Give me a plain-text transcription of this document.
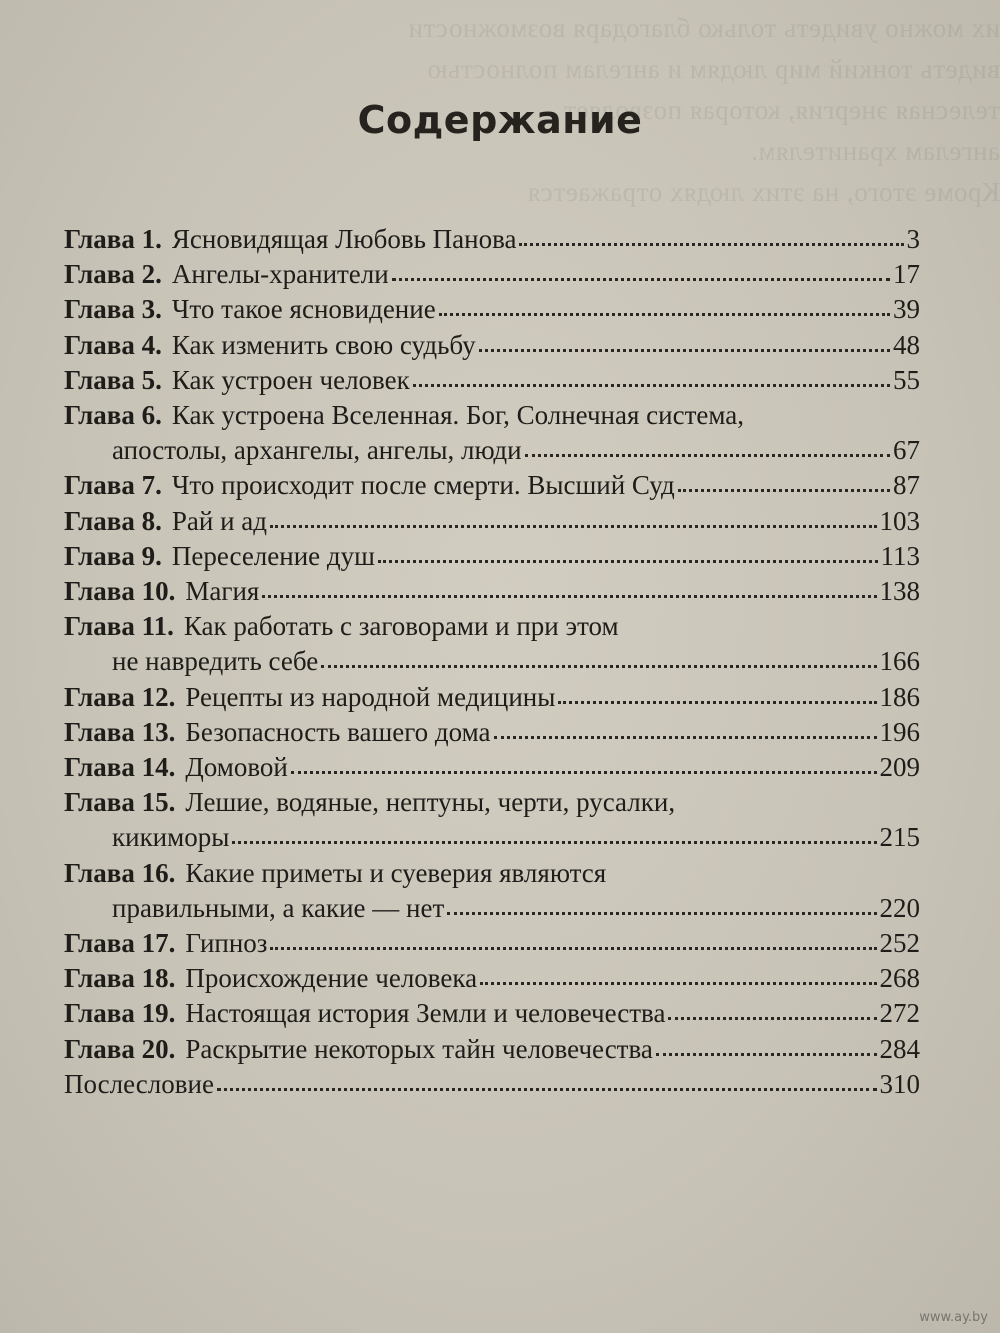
их можно увидеть только благодаря возможности
видеть тонкий мир людям и ангелам полностью
телесная энергия, которая позволяет
ангелам хранителям.
Кроме этого, на этих людях отражается
Содержание
Глава 1. Ясновидящая Любовь Панова	3
Глава 2. Ангелы-хранители	17
Глава 3. Что такое ясновидение	39
Глава 4. Как изменить свою судьбу	48
Глава 5. Как устроен человек	55
Глава 6. Как устроена Вселенная. Бог, Солнечная система,
апостолы, архангелы, ангелы, люди	67
Глава 7. Что происходит после смерти. Высший Суд	87
Глава 8. Рай и ад	103
Глава 9. Переселение душ	113
Глава 10. Магия	138
Глава 11. Как работать с заговорами и при этом
не навредить себе	166
Глава 12. Рецепты из народной медицины	186
Глава 13. Безопасность вашего дома	196
Глава 14. Домовой	209
Глава 15. Лешие, водяные, нептуны, черти, русалки,
кикиморы	215
Глава 16. Какие приметы и суеверия являются
правильными, а какие — нет	220
Глава 17. Гипноз	252
Глава 18. Происхождение человека	268
Глава 19. Настоящая история Земли и человечества	272
Глава 20. Раскрытие некоторых тайн человечества	284
Послесловие	310
www.ay.by
